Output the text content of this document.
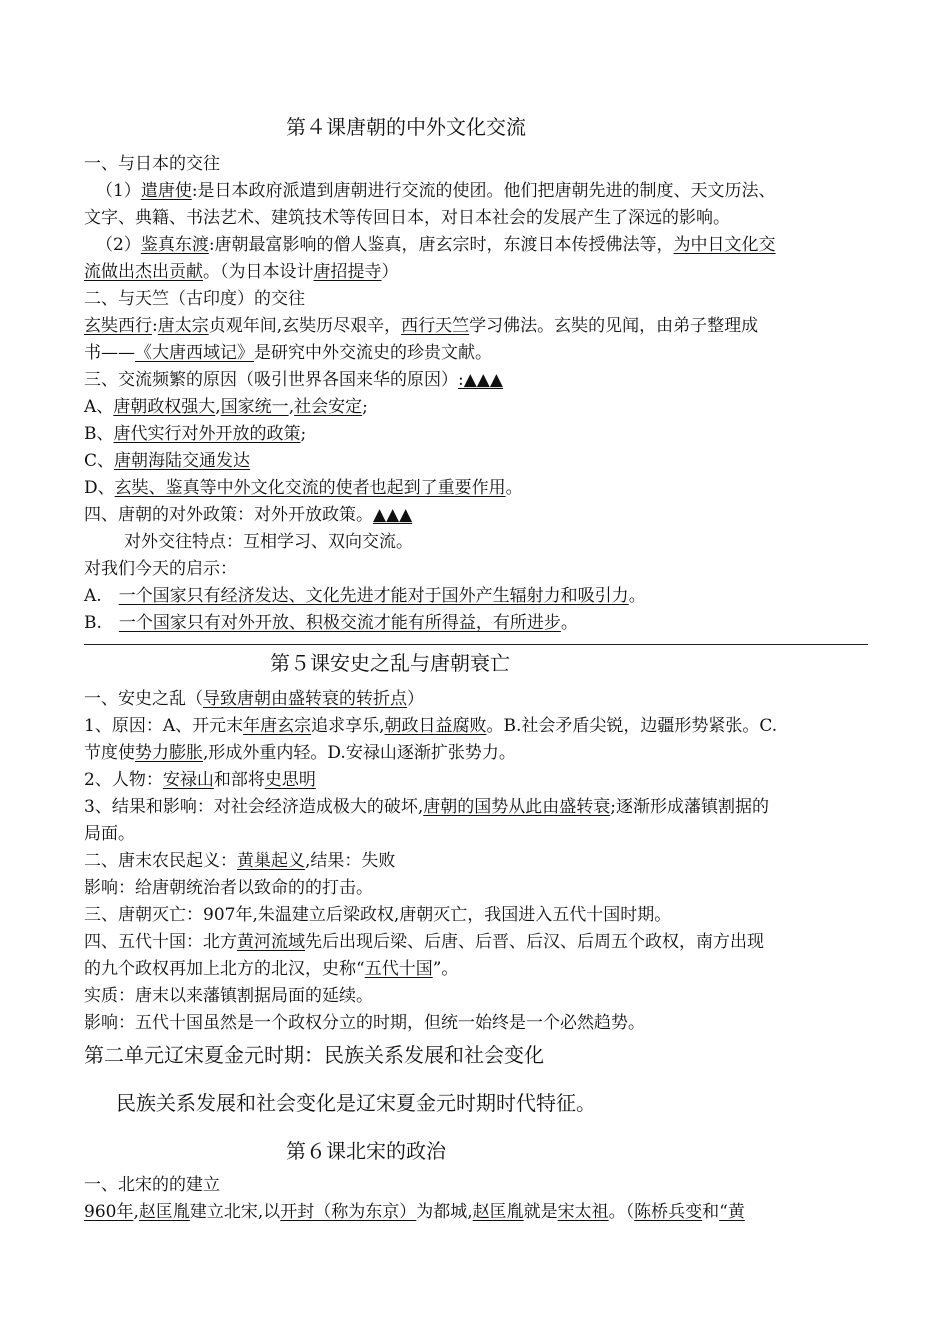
第４课唐朝的中外文化交流
一、与日本的交往
（1）遣唐使:是日本政府派遣到唐朝进行交流的使团。他们把唐朝先进的制度、天文历法、
文字、典籍、书法艺术、建筑技术等传回日本，对日本社会的发展产生了深远的影响。
（2）鉴真东渡:唐朝最富影响的僧人鉴真，唐玄宗时，东渡日本传授佛法等，为中日文化交
流做出杰出贡献。（为日本设计唐招提寺）
二、与天竺（古印度）的交往
玄奘西行:唐太宗贞观年间,玄奘历尽艰辛，西行天竺学习佛法。玄奘的见闻，由弟子整理成
书——《大唐西域记》是研究中外交流史的珍贵文献。
三、交流频繁的原因（吸引世界各国来华的原因）:▲▲▲
A、唐朝政权强大,国家统一,社会安定;
B、唐代实行对外开放的政策;
C、唐朝海陆交通发达
D、玄奘、鉴真等中外文化交流的使者也起到了重要作用。
四、唐朝的对外政策：对外开放政策。▲▲▲
对外交往特点：互相学习、双向交流。
对我们今天的启示：
A.　一个国家只有经济发达、文化先进才能对于国外产生辐射力和吸引力。
B.　一个国家只有对外开放、积极交流才能有所得益，有所进步。
第５课安史之乱与唐朝衰亡
一、安史之乱（导致唐朝由盛转衰的转折点）
1、原因：A、开元末年唐玄宗追求享乐,朝政日益腐败。B.社会矛盾尖锐，边疆形势紧张。C.
节度使势力膨胀,形成外重内轻。D.安禄山逐渐扩张势力。
2、人物：安禄山和部将史思明
3、结果和影响：对社会经济造成极大的破坏,唐朝的国势从此由盛转衰;逐渐形成藩镇割据的
局面。
二、唐末农民起义：黄巢起义,结果：失败
影响：给唐朝统治者以致命的的打击。
三、唐朝灭亡：907年,朱温建立后梁政权,唐朝灭亡，我国进入五代十国时期。
四、五代十国：北方黄河流域先后出现后梁、后唐、后晋、后汉、后周五个政权，南方出现
的九个政权再加上北方的北汉，史称“五代十国”。
实质：唐末以来藩镇割据局面的延续。
影响：五代十国虽然是一个政权分立的时期，但统一始终是一个必然趋势。
第二单元辽宋夏金元时期：民族关系发展和社会变化
民族关系发展和社会变化是辽宋夏金元时期时代特征。
第６课北宋的政治
一、北宋的的建立
960年,赵匡胤建立北宋,以开封（称为东京）为都城,赵匡胤就是宋太祖。（陈桥兵变和“黄
